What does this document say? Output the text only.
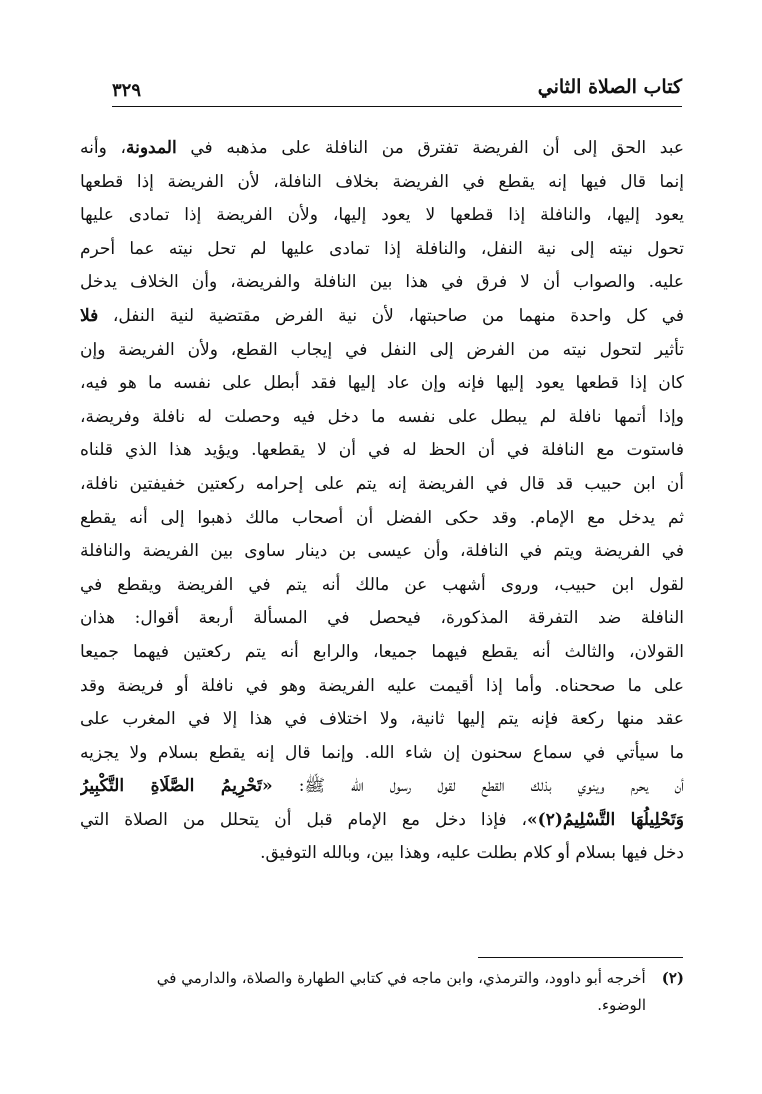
كتاب الصلاة الثاني
٣٢٩
عبد الحق إلى أن الفريضة تفترق من النافلة على مذهبه في المدونة، وأنه
إنما قال فيها إنه يقطع في الفريضة بخلاف النافلة، لأن الفريضة إذا قطعها
يعود إليها، والنافلة إذا قطعها لا يعود إليها، ولأن الفريضة إذا تمادى عليها
تحول نيته إلى نية النفل، والنافلة إذا تمادى عليها لم تحل نيته عما أحرم
عليه. والصواب أن لا فرق في هذا بين النافلة والفريضة، وأن الخلاف يدخل
في كل واحدة منهما من صاحبتها، لأن نية الفرض مقتضية لنية النفل، فلا
تأثير لتحول نيته من الفرض إلى النفل في إيجاب القطع، ولأن الفريضة وإن
كان إذا قطعها يعود إليها فإنه وإن عاد إليها فقد أبطل على نفسه ما هو فيه،
وإذا أتمها نافلة لم يبطل على نفسه ما دخل فيه وحصلت له نافلة وفريضة،
فاستوت مع النافلة في أن الحظ له في أن لا يقطعها. ويؤيد هذا الذي قلناه
أن ابن حبيب قد قال في الفريضة إنه يتم على إحرامه ركعتين خفيفتين نافلة،
ثم يدخل مع الإمام. وقد حكى الفضل أن أصحاب مالك ذهبوا إلى أنه يقطع
في الفريضة ويتم في النافلة، وأن عيسى بن دينار ساوى بين الفريضة والنافلة
لقول ابن حبيب، وروى أشهب عن مالك أنه يتم في الفريضة ويقطع في
النافلة ضد التفرقة المذكورة، فيحصل في المسألة أربعة أقوال: هذان
القولان، والثالث أنه يقطع فيهما جميعا، والرابع أنه يتم ركعتين فيهما جميعا
على ما صححناه. وأما إذا أقيمت عليه الفريضة وهو في نافلة أو فريضة وقد
عقد منها ركعة فإنه يتم إليها ثانية، ولا اختلاف في هذا إلا في المغرب على
ما سيأتي في سماع سحنون إن شاء الله. وإنما قال إنه يقطع بسلام ولا يجزيه
أن يحرم وينوي بذلك القطع لقول رسول الله ﷺ: «تَحْرِيمُ الصَّلَاةِ التَّكْبِيرُ
وَتَحْلِيلُهَا التَّسْلِيمُ(٢)»، فإذا دخل مع الإمام قبل أن يتحلل من الصلاة التي
دخل فيها بسلام أو كلام بطلت عليه، وهذا بين، وبالله التوفيق.
(٢)أخرجه أبو داوود، والترمذي، وابن ماجه في كتابي الطهارة والصلاة، والدارمي في
الوضوء.
